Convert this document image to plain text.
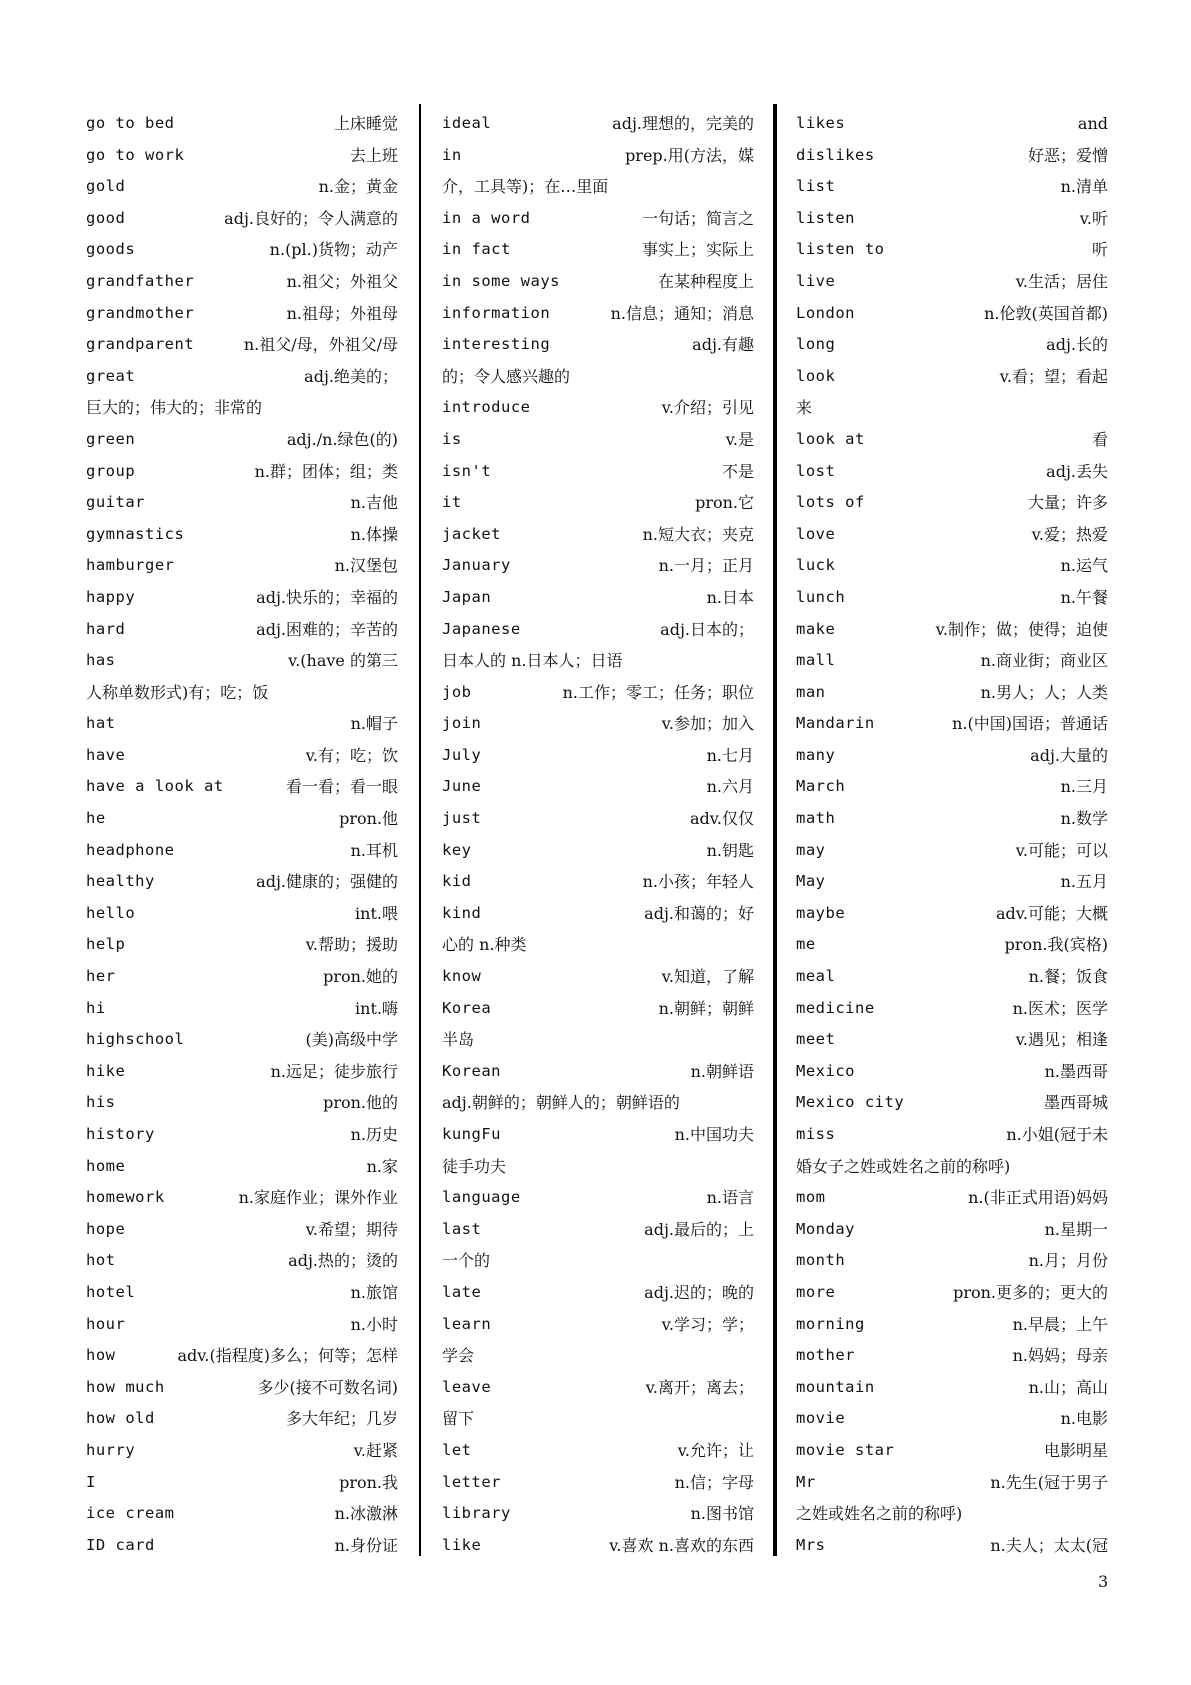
go to bed	上床睡觉
go to work	去上班
gold	n.金；黄金
good	adj.良好的；令人满意的
goods	n.(pl.)货物；动产
grandfather	n.祖父；外祖父
grandmother	n.祖母；外祖母
grandparent	n.祖父/母，外祖父/母
great	adj.绝美的；
巨大的；伟大的；非常的
green	adj./n.绿色(的)
group	n.群；团体；组；类
guitar	n.吉他
gymnastics	n.体操
hamburger	n.汉堡包
happy	adj.快乐的；幸福的
hard	adj.困难的；辛苦的
has	v.(have 的第三
人称单数形式)有；吃；饭
hat	n.帽子
have	v.有；吃；饮
have a look at	看一看；看一眼
he	pron.他
headphone	n.耳机
healthy	adj.健康的；强健的
hello	int.喂
help	v.帮助；援助
her	pron.她的
hi	int.嗨
highschool	(美)高级中学
hike	n.远足；徒步旅行
his	pron.他的
history	n.历史
home	n.家
homework	n.家庭作业；课外作业
hope	v.希望；期待
hot	adj.热的；烫的
hotel	n.旅馆
hour	n.小时
how	adv.(指程度)多么；何等；怎样
how much	多少(接不可数名词)
how old	多大年纪；几岁
hurry	v.赶紧
I	pron.我
ice cream	n.冰激淋
ID card	n.身份证
ideal	adj.理想的，完美的
in	prep.用(方法，媒
介，工具等)；在…里面
in a word	一句话；简言之
in fact	事实上；实际上
in some ways	在某种程度上
information	n.信息；通知；消息
interesting	adj.有趣
的；令人感兴趣的
introduce	v.介绍；引见
is	v.是
isn't	不是
it	pron.它
jacket	n.短大衣；夹克
January	n.一月；正月
Japan	n.日本
Japanese	adj.日本的；
日本人的 n.日本人；日语
job	n.工作；零工；任务；职位
join	v.参加；加入
July	n.七月
June	n.六月
just	adv.仅仅
key	n.钥匙
kid	n.小孩；年轻人
kind	adj.和蔼的；好
心的 n.种类
know	v.知道，了解
Korea	n.朝鲜；朝鲜
半岛
Korean	n.朝鲜语
adj.朝鲜的；朝鲜人的；朝鲜语的
kungFu	n.中国功夫
徒手功夫
language	n.语言
last	adj.最后的；上
一个的
late	adj.迟的；晚的
learn	v.学习；学；
学会
leave	v.离开；离去；
留下
let	v.允许；让
letter	n.信；字母
library	n.图书馆
like	v.喜欢 n.喜欢的东西
likes	and
dislikes	好恶；爱憎
list	n.清单
listen	v.听
listen to	听
live	v.生活；居住
London	n.伦敦(英国首都)
long	adj.长的
look	v.看；望；看起
来
look at	看
lost	adj.丢失
lots of	大量；许多
love	v.爱；热爱
luck	n.运气
lunch	n.午餐
make	v.制作；做；使得；迫使
mall	n.商业街；商业区
man	n.男人；人；人类
Mandarin	n.(中国)国语；普通话
many	adj.大量的
March	n.三月
math	n.数学
may	v.可能；可以
May	n.五月
maybe	adv.可能；大概
me	pron.我(宾格)
meal	n.餐；饭食
medicine	n.医术；医学
meet	v.遇见；相逢
Mexico	n.墨西哥
Mexico city	墨西哥城
miss	n.小姐(冠于未
婚女子之姓或姓名之前的称呼)
mom	n.(非正式用语)妈妈
Monday	n.星期一
month	n.月；月份
more	pron.更多的；更大的
morning	n.早晨；上午
mother	n.妈妈；母亲
mountain	n.山；高山
movie	n.电影
movie star	电影明星
Mr	n.先生(冠于男子
之姓或姓名之前的称呼)
Mrs	n.夫人；太太(冠
3
